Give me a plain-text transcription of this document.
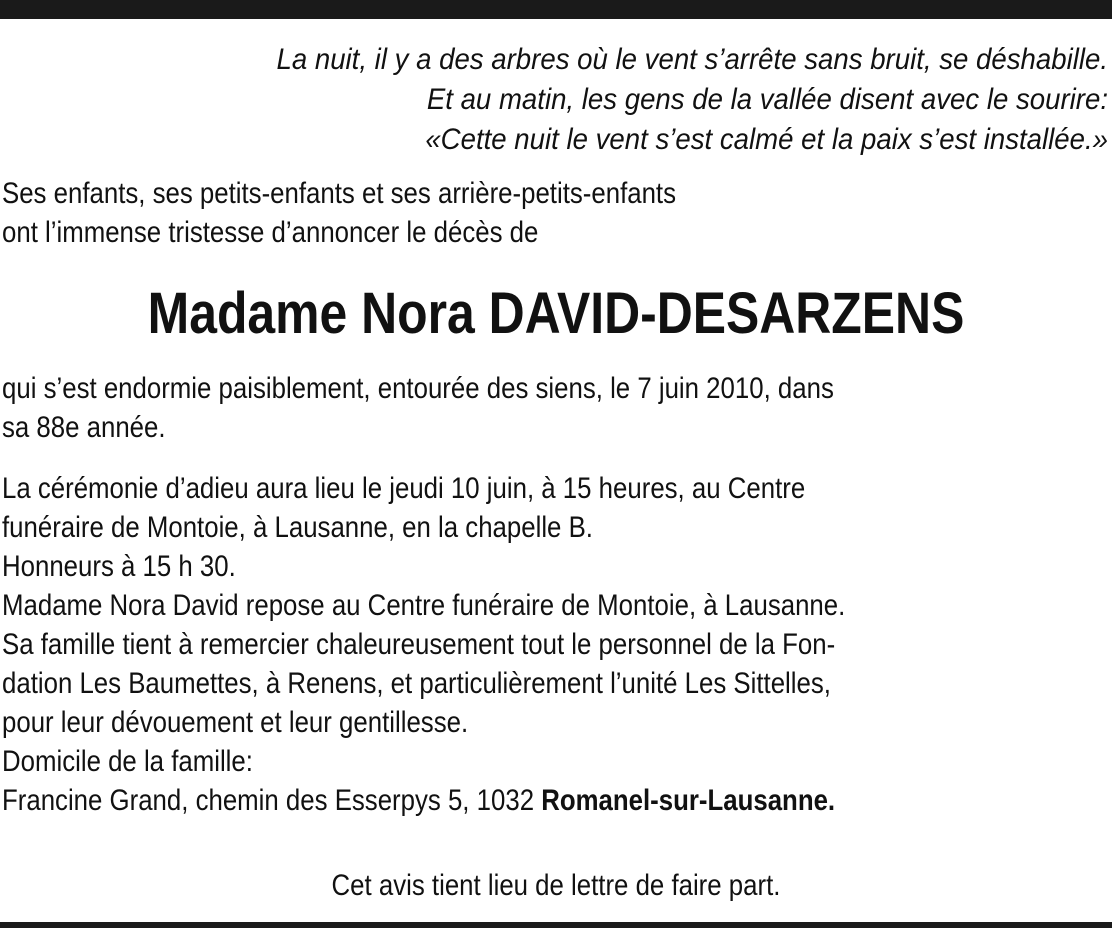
La nuit, il y a des arbres où le vent s’arrête sans bruit, se déshabille.
Et au matin, les gens de la vallée disent avec le sourire:
«Cette nuit le vent s’est calmé et la paix s’est installée.»
Ses enfants, ses petits-enfants et ses arrière-petits-enfants
ont l’immense tristesse d’annoncer le décès de
Madame Nora DAVID-DESARZENS
qui s’est endormie paisiblement, entourée des siens, le 7 juin 2010, dans
sa 88e année.
La cérémonie d’adieu aura lieu le jeudi 10 juin, à 15 heures, au Centre
funéraire de Montoie, à Lausanne, en la chapelle B.
Honneurs à 15 h 30.
Madame Nora David repose au Centre funéraire de Montoie, à Lausanne.
Sa famille tient à remercier chaleureusement tout le personnel de la Fon-
dation Les Baumettes, à Renens, et particulièrement l’unité Les Sittelles,
pour leur dévouement et leur gentillesse.
Domicile de la famille:
Francine Grand, chemin des Esserpys 5, 1032 Romanel-sur-Lausanne.
Cet avis tient lieu de lettre de faire part.
